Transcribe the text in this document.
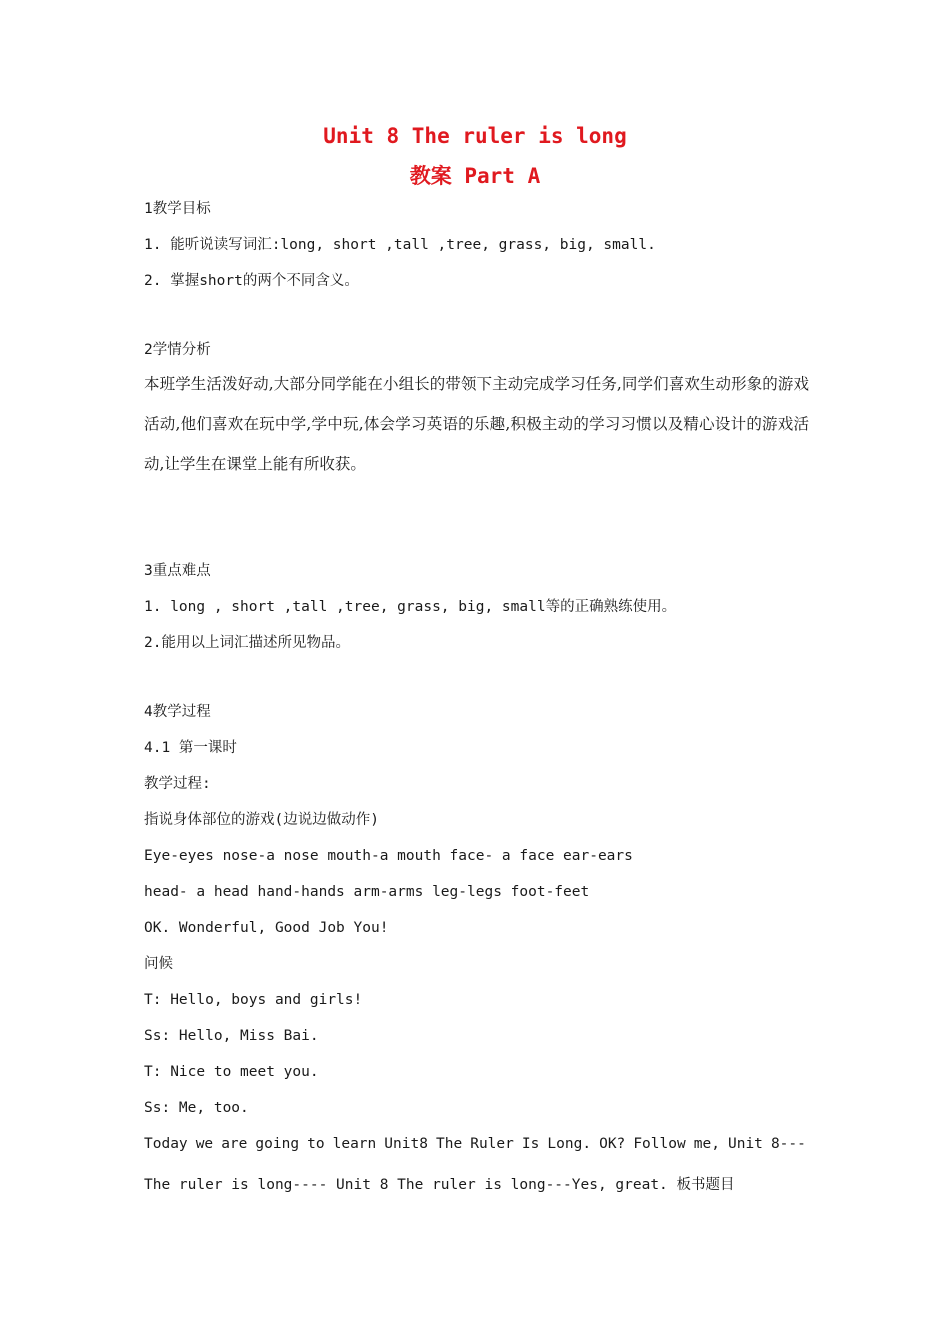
Unit 8 The ruler is long
教案 Part A
1教学目标
1. 能听说读写词汇:long, short ,tall ,tree, grass, big, small.
2. 掌握short的两个不同含义。
2学情分析
本班学生活泼好动,大部分同学能在小组长的带领下主动完成学习任务,同学们喜欢生动形象的游戏活动,他们喜欢在玩中学,学中玩,体会学习英语的乐趣,积极主动的学习习惯以及精心设计的游戏活动,让学生在课堂上能有所收获。
3重点难点
1. long , short ,tall ,tree, grass, big, small等的正确熟练使用。
2.能用以上词汇描述所见物品。
4教学过程
4.1 第一课时
教学过程:
指说身体部位的游戏(边说边做动作)
Eye-eyes nose-a nose mouth-a mouth face- a face ear-ears
head- a head hand-hands arm-arms leg-legs foot-feet
OK. Wonderful, Good Job You!
问候
T: Hello, boys and girls!
Ss: Hello, Miss Bai.
T: Nice to meet you.
Ss: Me, too.
Today we are going to learn Unit8 The Ruler Is Long. OK? Follow me, Unit 8---
The ruler is long---- Unit 8 The ruler is long---Yes, great. 板书题目
